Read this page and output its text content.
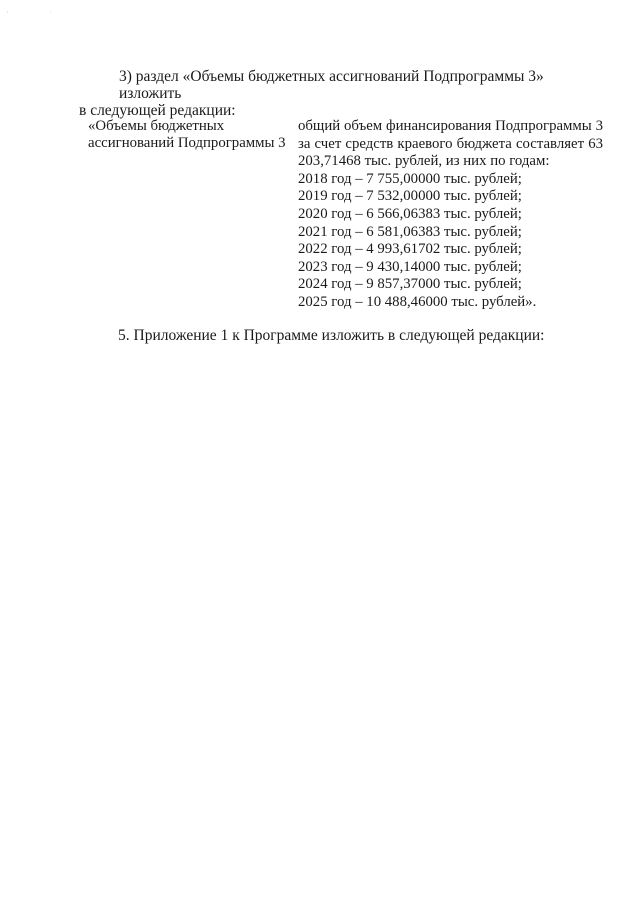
,	.
3) раздел «Объемы бюджетных ассигнований Подпрограммы 3» изложить
в следующей редакции:
«Объемы бюджетных ассигнований Подпрограммы 3
общий объем финансирования Подпрограммы 3 за счет средств краевого бюджета составляет 63 203,71468 тыс. рублей, из них по годам:
2018 год – 7 755,00000 тыс. рублей;
2019 год – 7 532,00000 тыс. рублей;
2020 год – 6 566,06383 тыс. рублей;
2021 год – 6 581,06383 тыс. рублей;
2022 год – 4 993,61702 тыс. рублей;
2023 год – 9 430,14000 тыс. рублей;
2024 год – 9 857,37000 тыс. рублей;
2025 год – 10 488,46000 тыс. рублей».
5. Приложение 1 к Программе изложить в следующей редакции:
